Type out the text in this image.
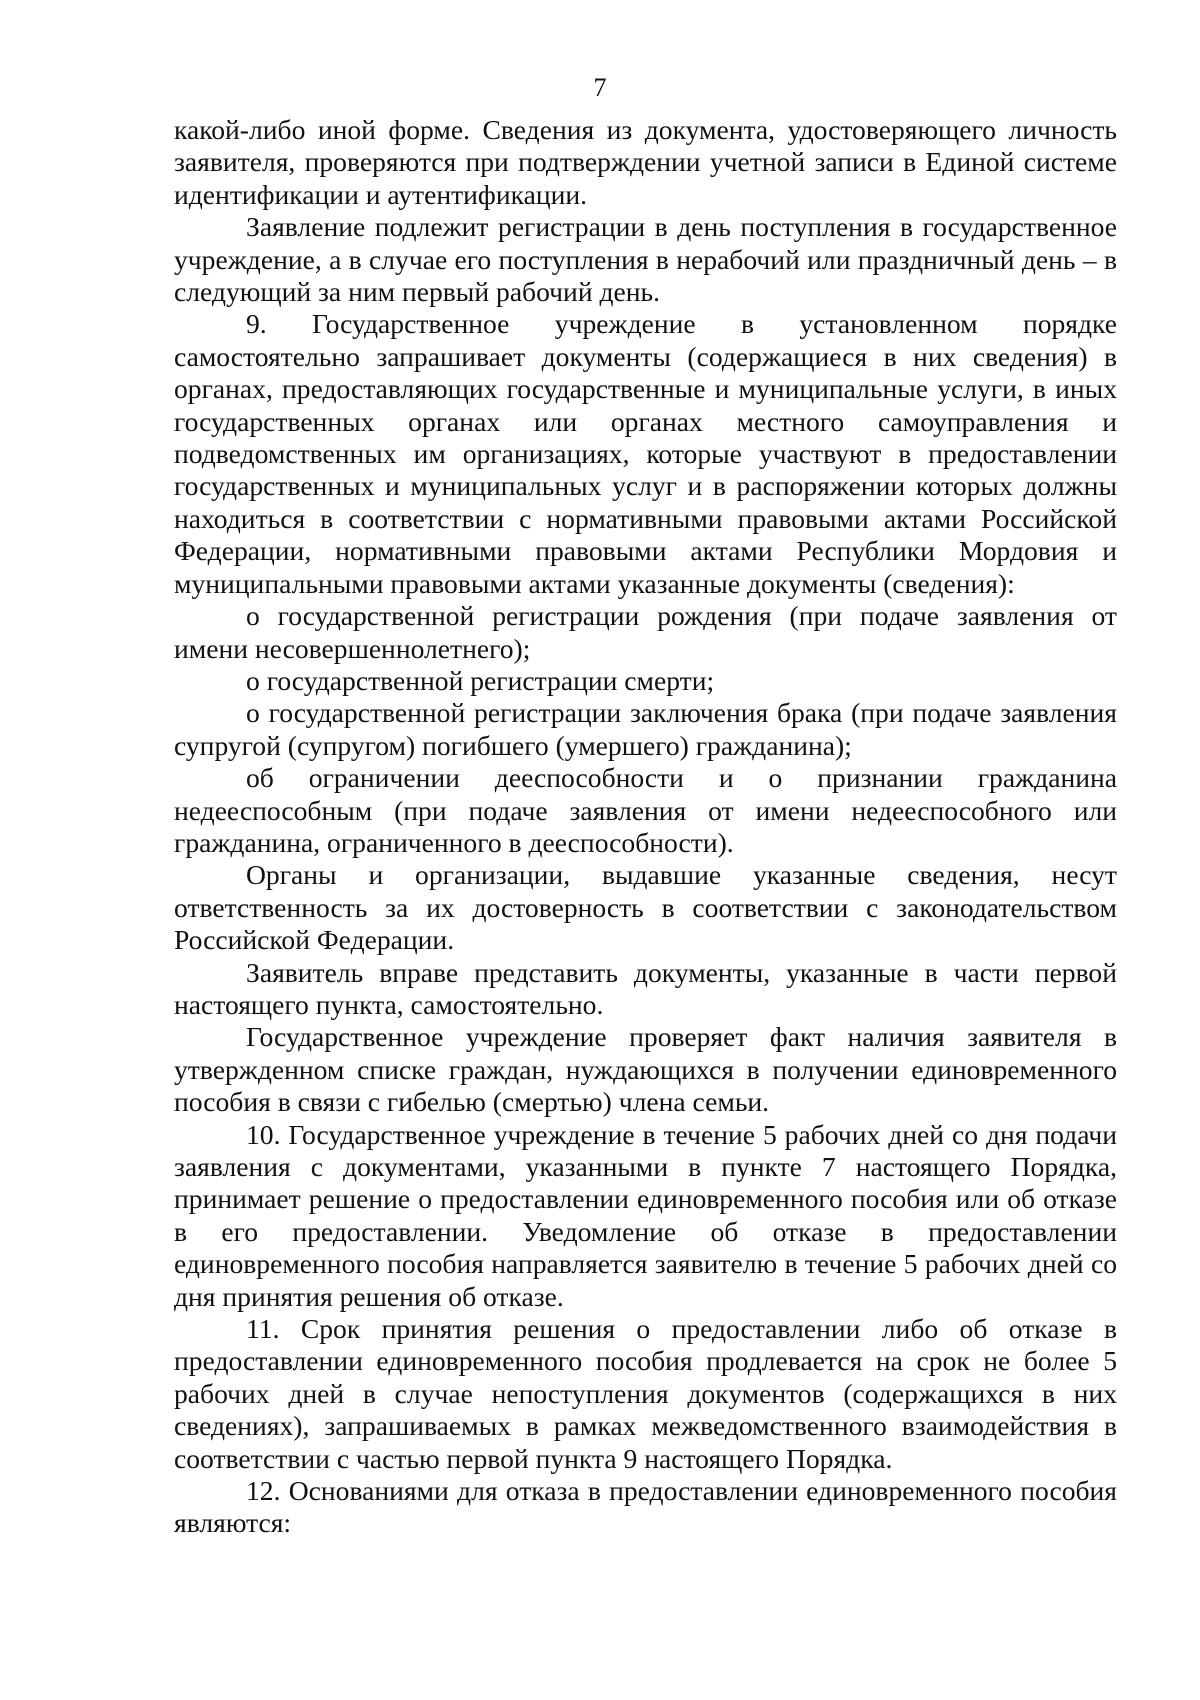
7

какой-либо иной форме. Сведения из документа, удостоверяющего личность заявителя, проверяются при подтверждении учетной записи в Единой системе идентификации и аутентификации.

Заявление подлежит регистрации в день поступления в государственное учреждение, а в случае его поступления в нерабочий или праздничный день – в следующий за ним первый рабочий день.

9. Государственное учреждение в установленном порядке самостоятельно запрашивает документы (содержащиеся в них сведения) в органах, предоставляющих государственные и муниципальные услуги, в иных государственных органах или органах местного самоуправления и подведомственных им организациях, которые участвуют в предоставлении государственных и муниципальных услуг и в распоряжении которых должны находиться в соответствии с нормативными правовыми актами Российской Федерации, нормативными правовыми актами Республики Мордовия и муниципальными правовыми актами указанные документы (сведения):

о государственной регистрации рождения (при подаче заявления от имени несовершеннолетнего);

о государственной регистрации смерти;

о государственной регистрации заключения брака (при подаче заявления супругой (супругом) погибшего (умершего) гражданина);

об ограничении дееспособности и о признании гражданина недееспособным (при подаче заявления от имени недееспособного или гражданина, ограниченного в дееспособности).

Органы и организации, выдавшие указанные сведения, несут ответственность за их достоверность в соответствии с законодательством Российской Федерации.

Заявитель вправе представить документы, указанные в части первой настоящего пункта, самостоятельно.

Государственное учреждение проверяет факт наличия заявителя в утвержденном списке граждан, нуждающихся в получении единовременного пособия в связи с гибелью (смертью) члена семьи.

10. Государственное учреждение в течение 5 рабочих дней со дня подачи заявления с документами, указанными в пункте 7 настоящего Порядка, принимает решение о предоставлении единовременного пособия или об отказе в его предоставлении. Уведомление об отказе в предоставлении единовременного пособия направляется заявителю в течение 5 рабочих дней со дня принятия решения об отказе.

11. Срок принятия решения о предоставлении либо об отказе в предоставлении единовременного пособия продлевается на срок не более 5 рабочих дней в случае непоступления документов (содержащихся в них сведениях), запрашиваемых в рамках межведомственного взаимодействия в соответствии с частью первой пункта 9 настоящего Порядка.

12. Основаниями для отказа в предоставлении единовременного пособия являются:
